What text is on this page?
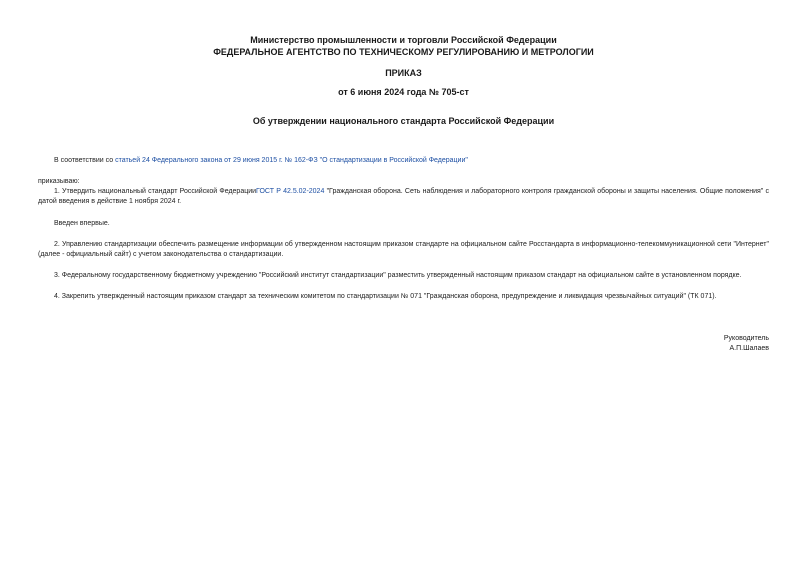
Министерство промышленности и торговли Российской Федерации
ФЕДЕРАЛЬНОЕ АГЕНТСТВО ПО ТЕХНИЧЕСКОМУ РЕГУЛИРОВАНИЮ И МЕТРОЛОГИИ
ПРИКАЗ
от 6 июня 2024 года № 705-ст
Об утверждении национального стандарта Российской Федерации
В соответствии со статьей 24 Федерального закона от 29 июня 2015 г. № 162-ФЗ "О стандартизации в Российской Федерации"
приказываю:
1. Утвердить национальный стандарт Российской ФедерацииГОСТ Р 42.5.02-2024 "Гражданская оборона. Сеть наблюдения и лабораторного контроля гражданской обороны и защиты населения. Общие положения" с датой введения в действие 1 ноября 2024 г.
Введен впервые.
2. Управлению стандартизации обеспечить размещение информации об утвержденном настоящим приказом стандарте на официальном сайте Росстандарта в информационно-телекоммуникационной сети "Интернет" (далее - официальный сайт) с учетом законодательства о стандартизации.
3. Федеральному государственному бюджетному учреждению "Российский институт стандартизации" разместить утвержденный настоящим приказом стандарт на официальном сайте в установленном порядке.
4. Закрепить утвержденный настоящим приказом стандарт за техническим комитетом по стандартизации № 071 "Гражданская оборона, предупреждение и ликвидация чрезвычайных ситуаций" (ТК 071).
Руководитель
А.П.Шалаев
